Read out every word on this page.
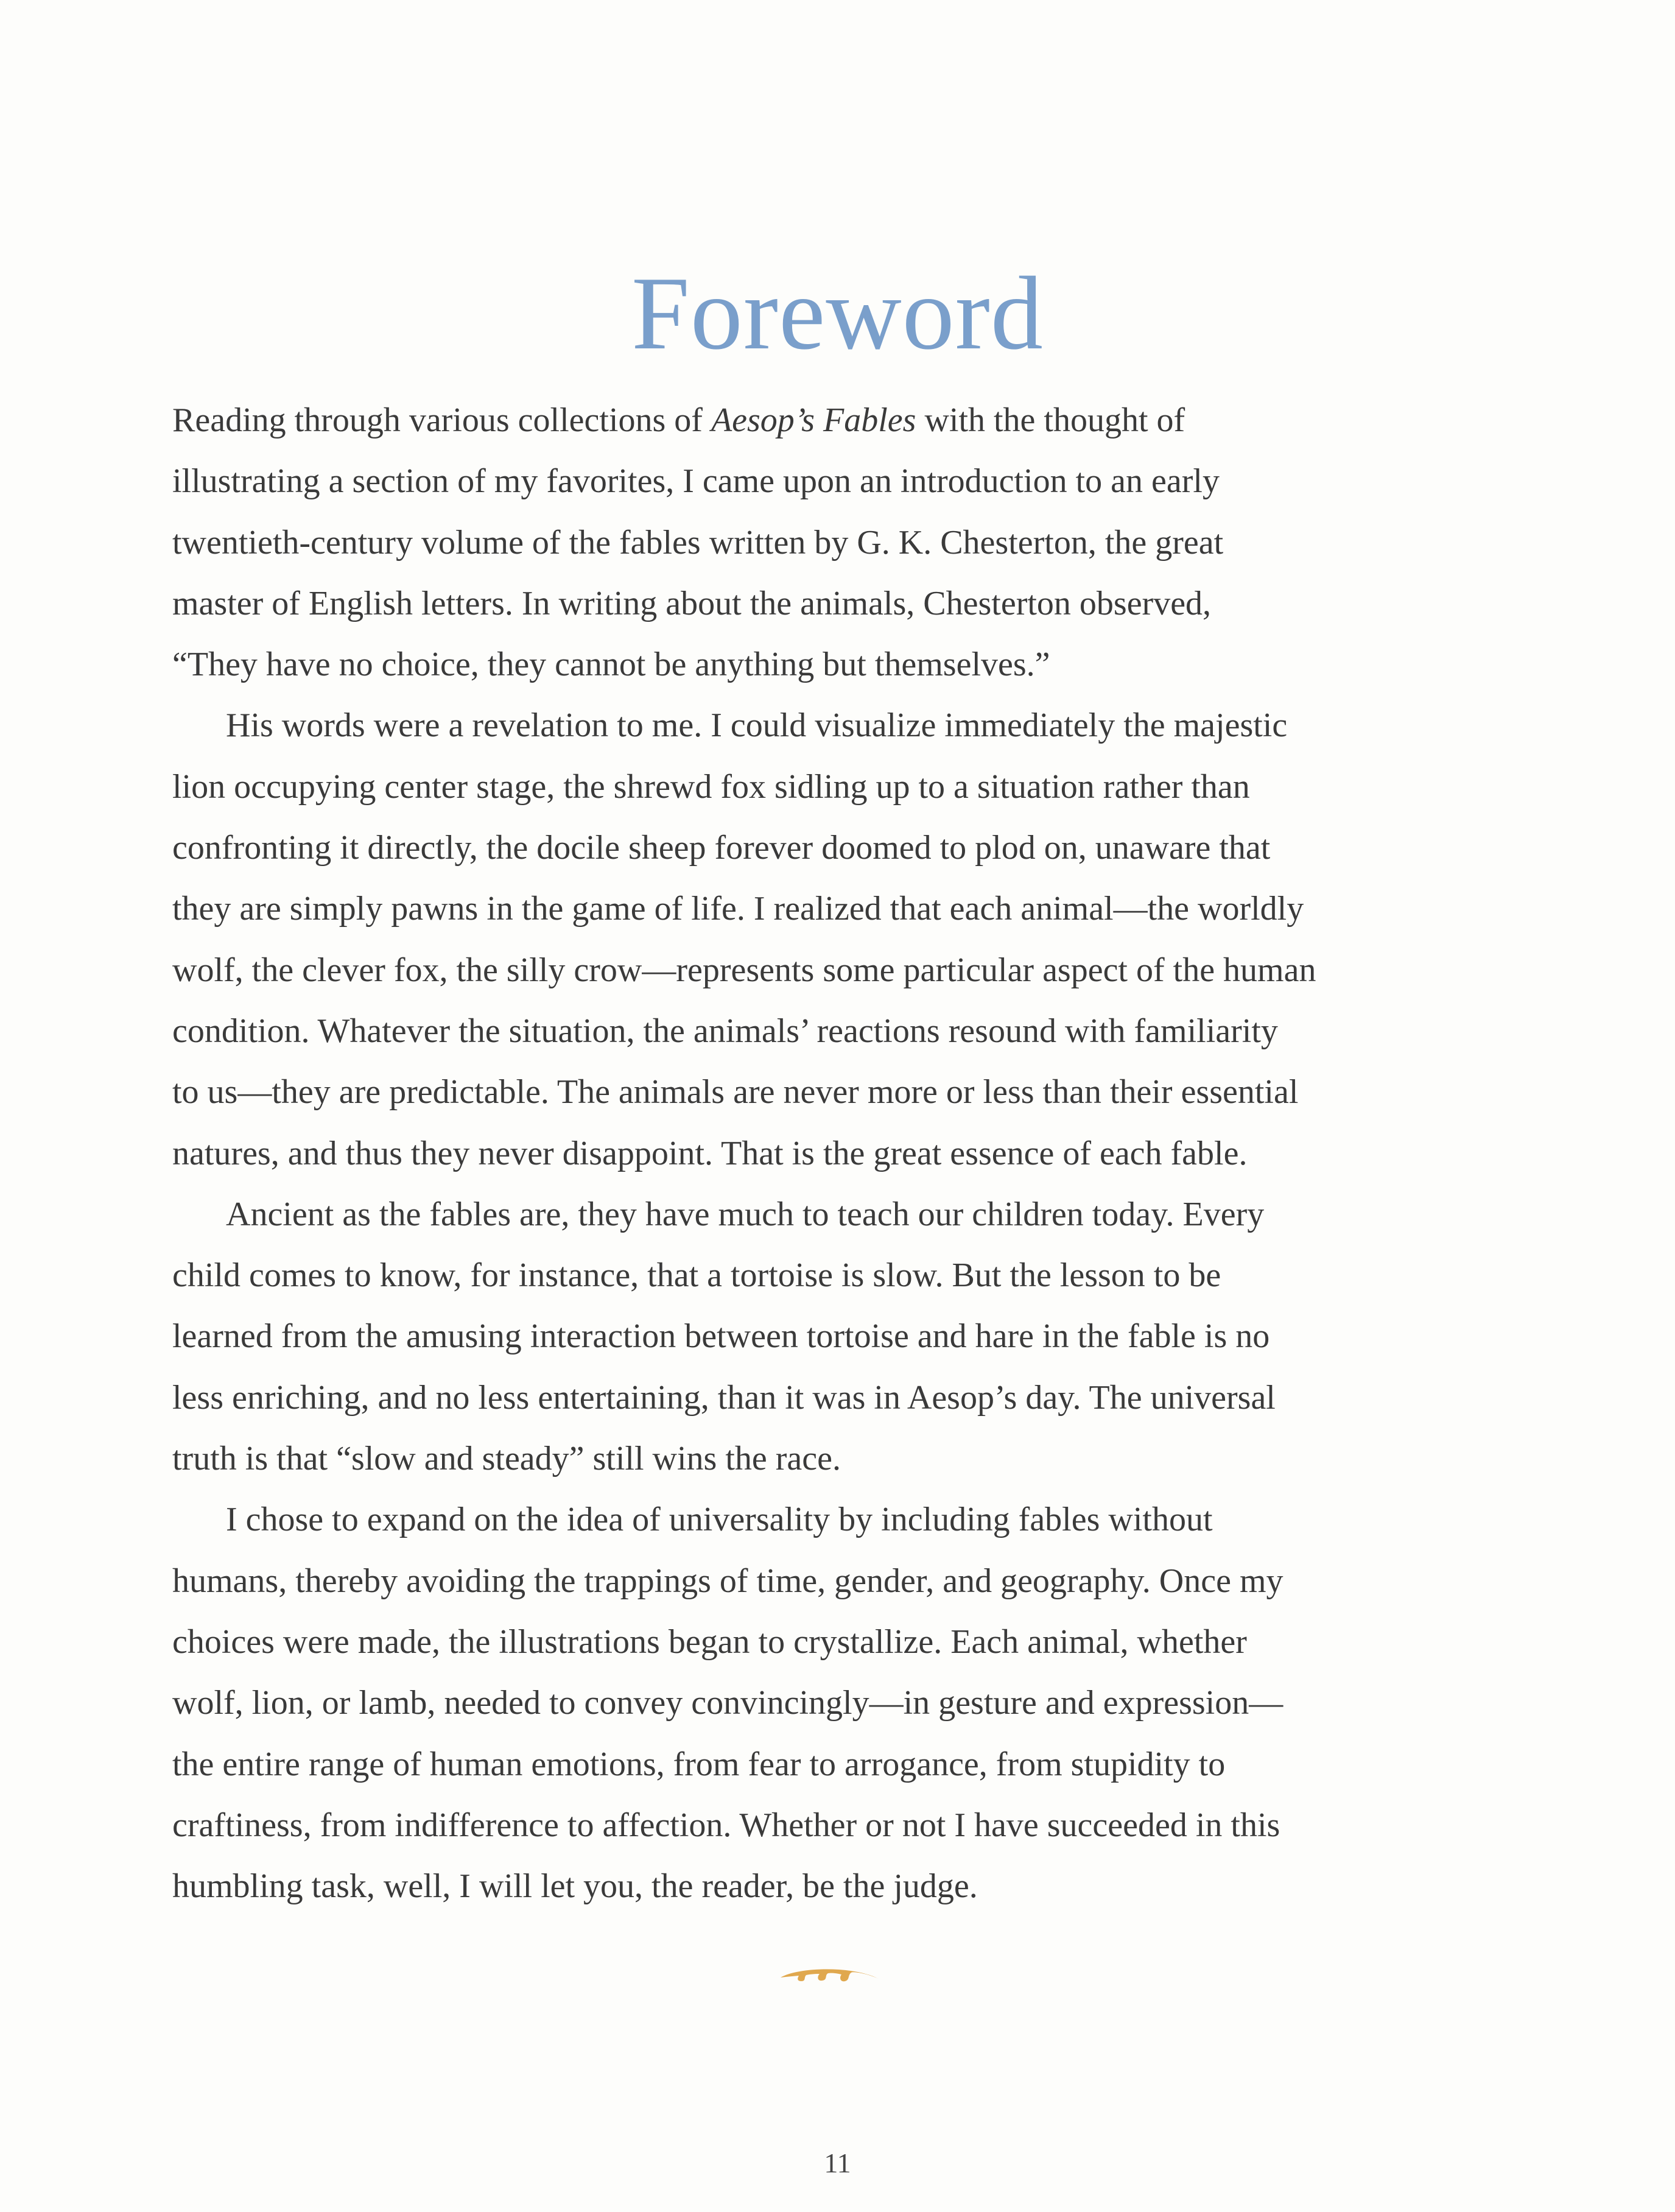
Foreword

Reading through various collections of Aesop’s Fables with the thought of
illustrating a section of my favorites, I came upon an introduction to an early
twentieth-century volume of the fables written by G. K. Chesterton, the great
master of English letters. In writing about the animals, Chesterton observed,
“They have no choice, they cannot be anything but themselves.”

His words were a revelation to me. I could visualize immediately the majestic
lion occupying center stage, the shrewd fox sidling up to a situation rather than
confronting it directly, the docile sheep forever doomed to plod on, unaware that
they are simply pawns in the game of life. I realized that each animal—the worldly
wolf, the clever fox, the silly crow—represents some particular aspect of the human
condition. Whatever the situation, the animals’ reactions resound with familiarity
to us—they are predictable. The animals are never more or less than their essential
natures, and thus they never disappoint. That is the great essence of each fable.

Ancient as the fables are, they have much to teach our children today. Every
child comes to know, for instance, that a tortoise is slow. But the lesson to be
learned from the amusing interaction between tortoise and hare in the fable is no
less enriching, and no less entertaining, than it was in Aesop’s day. The universal
truth is that “slow and steady” still wins the race.

I chose to expand on the idea of universality by including fables without
humans, thereby avoiding the trappings of time, gender, and geography. Once my
choices were made, the illustrations began to crystallize. Each animal, whether
wolf, lion, or lamb, needed to convey convincingly—in gesture and expression—
the entire range of human emotions, from fear to arrogance, from stupidity to
craftiness, from indifference to affection. Whether or not I have succeeded in this
humbling task, well, I will let you, the reader, be the judge.

11
